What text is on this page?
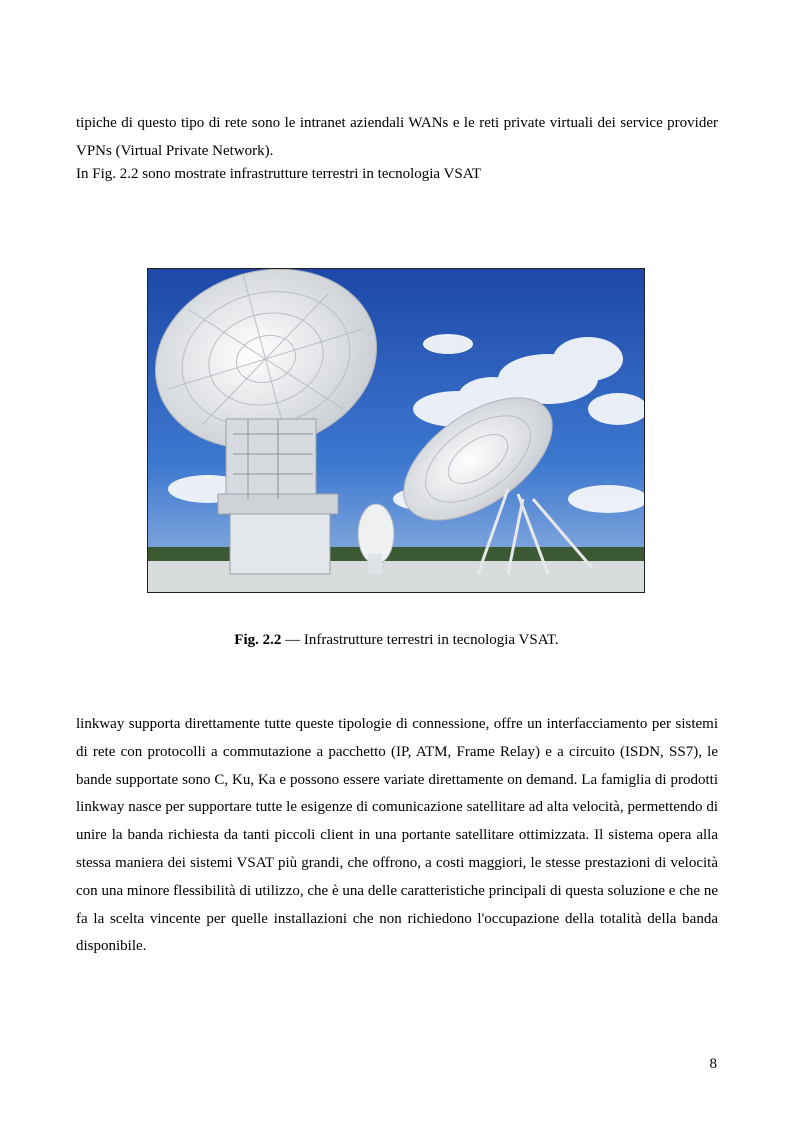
tipiche di questo tipo di rete sono le intranet aziendali WANs e le reti private virtuali dei service provider VPNs (Virtual Private Network).

In Fig. 2.2 sono mostrate infrastrutture terrestri in tecnologia VSAT

Fig. 2.2 — Infrastrutture terrestri in tecnologia VSAT.

linkway supporta direttamente tutte queste tipologie di connessione, offre un interfacciamento per sistemi di rete con protocolli a commutazione a pacchetto (IP, ATM, Frame Relay) e a circuito (ISDN, SS7), le bande supportate sono C, Ku, Ka e possono essere variate direttamente on demand. La famiglia di prodotti linkway nasce per supportare tutte le esigenze di comunicazione satellitare ad alta velocità, permettendo di unire la banda richiesta da tanti piccoli client in una portante satellitare ottimizzata. Il sistema opera alla stessa maniera dei sistemi VSAT più grandi, che offrono, a costi maggiori, le stesse prestazioni di velocità con una minore flessibilità di utilizzo, che è una delle caratteristiche principali di questa soluzione e che ne fa la scelta vincente per quelle installazioni che non richiedono l'occupazione della totalità della banda disponibile.

8
